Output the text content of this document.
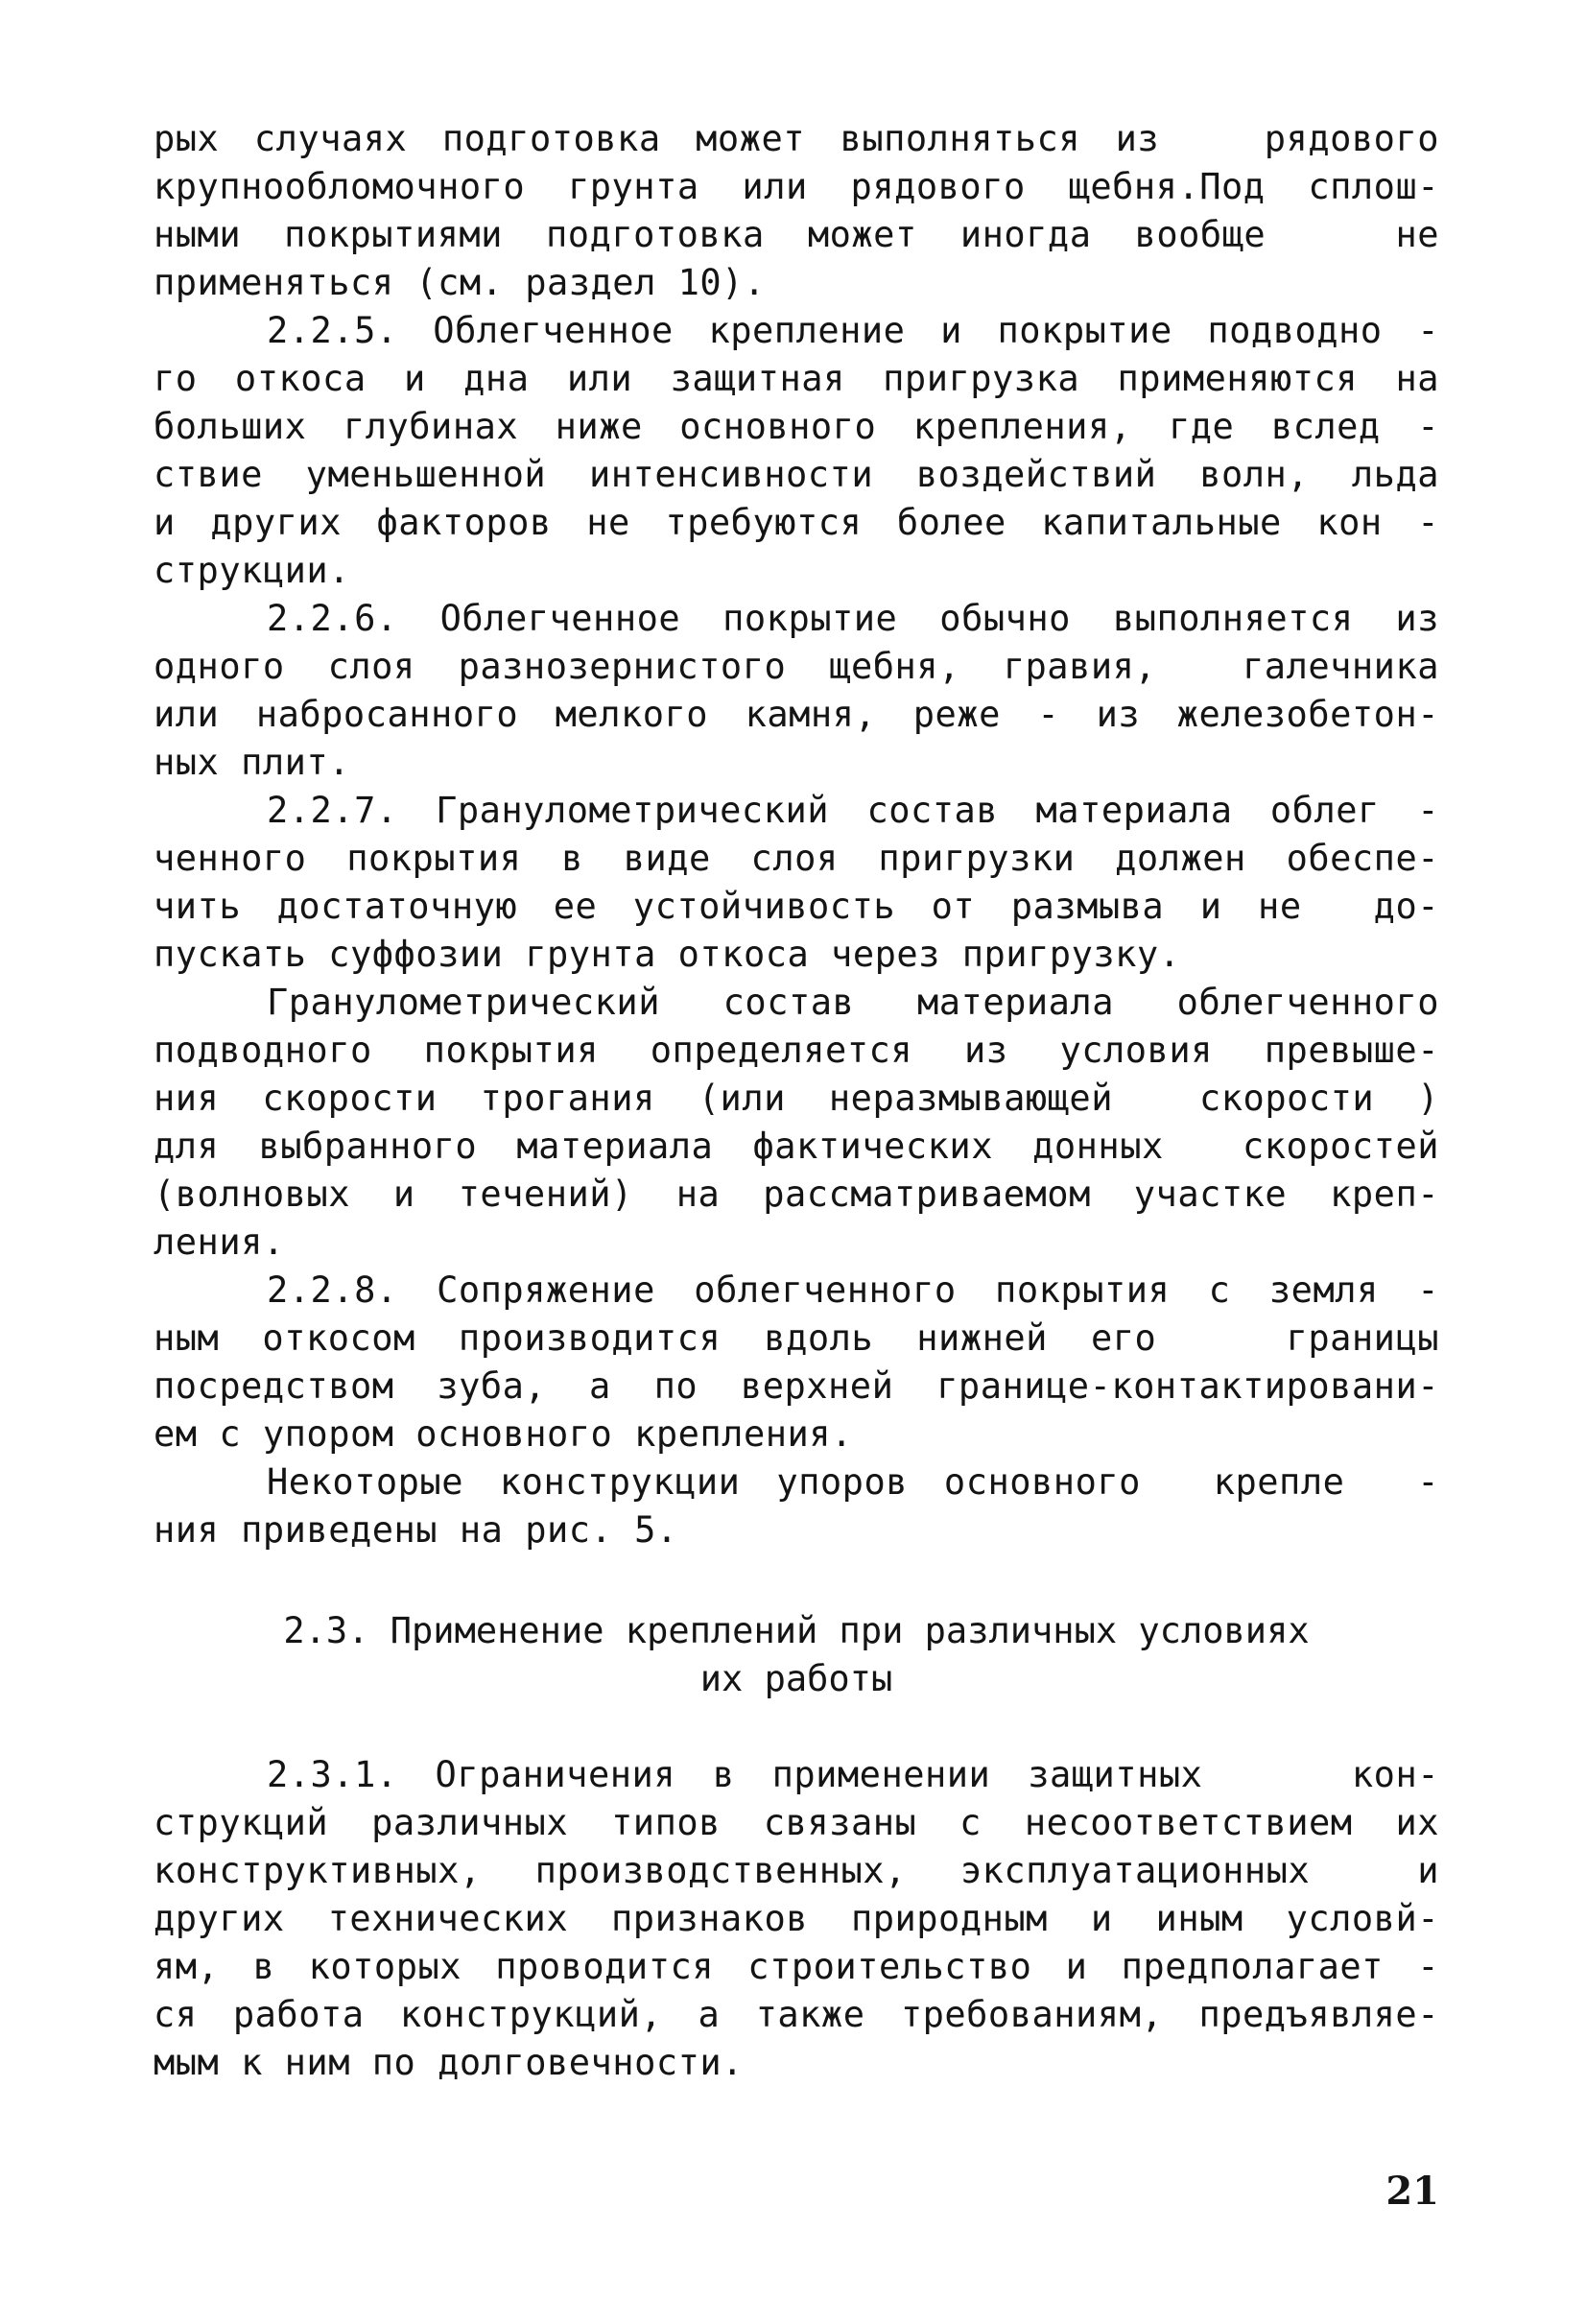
рых случаях подготовка может выполняться из   рядового
крупнообломочного грунта или рядового щебня.Под сплош-
ными покрытиями подготовка может иногда вообще   не
применяться (см. раздел 10).
2.2.5. Облегченное крепление и покрытие подводно -
го откоса и дна или защитная пригрузка применяются на
больших глубинах ниже основного крепления, где вслед -
ствие уменьшенной интенсивности воздействий волн, льда
и других факторов не требуются более капитальные кон -
струкции.
2.2.6. Облегченное покрытие обычно выполняется из
одного слоя разнозернистого щебня, гравия,  галечника
или набросанного мелкого камня, реже - из железобетон-
ных плит.
2.2.7. Гранулометрический состав материала облег -
ченного покрытия в виде слоя пригрузки должен обеспе-
чить достаточную ее устойчивость от размыва и не  до-
пускать суффозии грунта откоса через пригрузку.
Гранулометрический состав материала облегченного
подводного покрытия определяется из условия превыше-
ния скорости трогания (или неразмывающей  скорости )
для выбранного материала фактических донных  скоростей
(волновых и течений) на рассматриваемом участке креп-
ления.
2.2.8. Сопряжение облегченного покрытия с земля -
ным откосом производится вдоль нижней его   границы
посредством зуба, а по верхней границе-контактировани-
ем с упором основного крепления.
Некоторые конструкции упоров основного  крепле  -
ния приведены на рис. 5.
2.3. Применение креплений при различных условиях
их работы
2.3.1. Ограничения в применении защитных    кон-
струкций различных типов связаны с несоответствием их
конструктивных, производственных, эксплуатационных  и
других технических признаков природным и иным условй-
ям, в которых проводится строительство и предполагает -
ся работа конструкций, а также требованиям, предъявляе-
мым к ним по долговечности.
21
